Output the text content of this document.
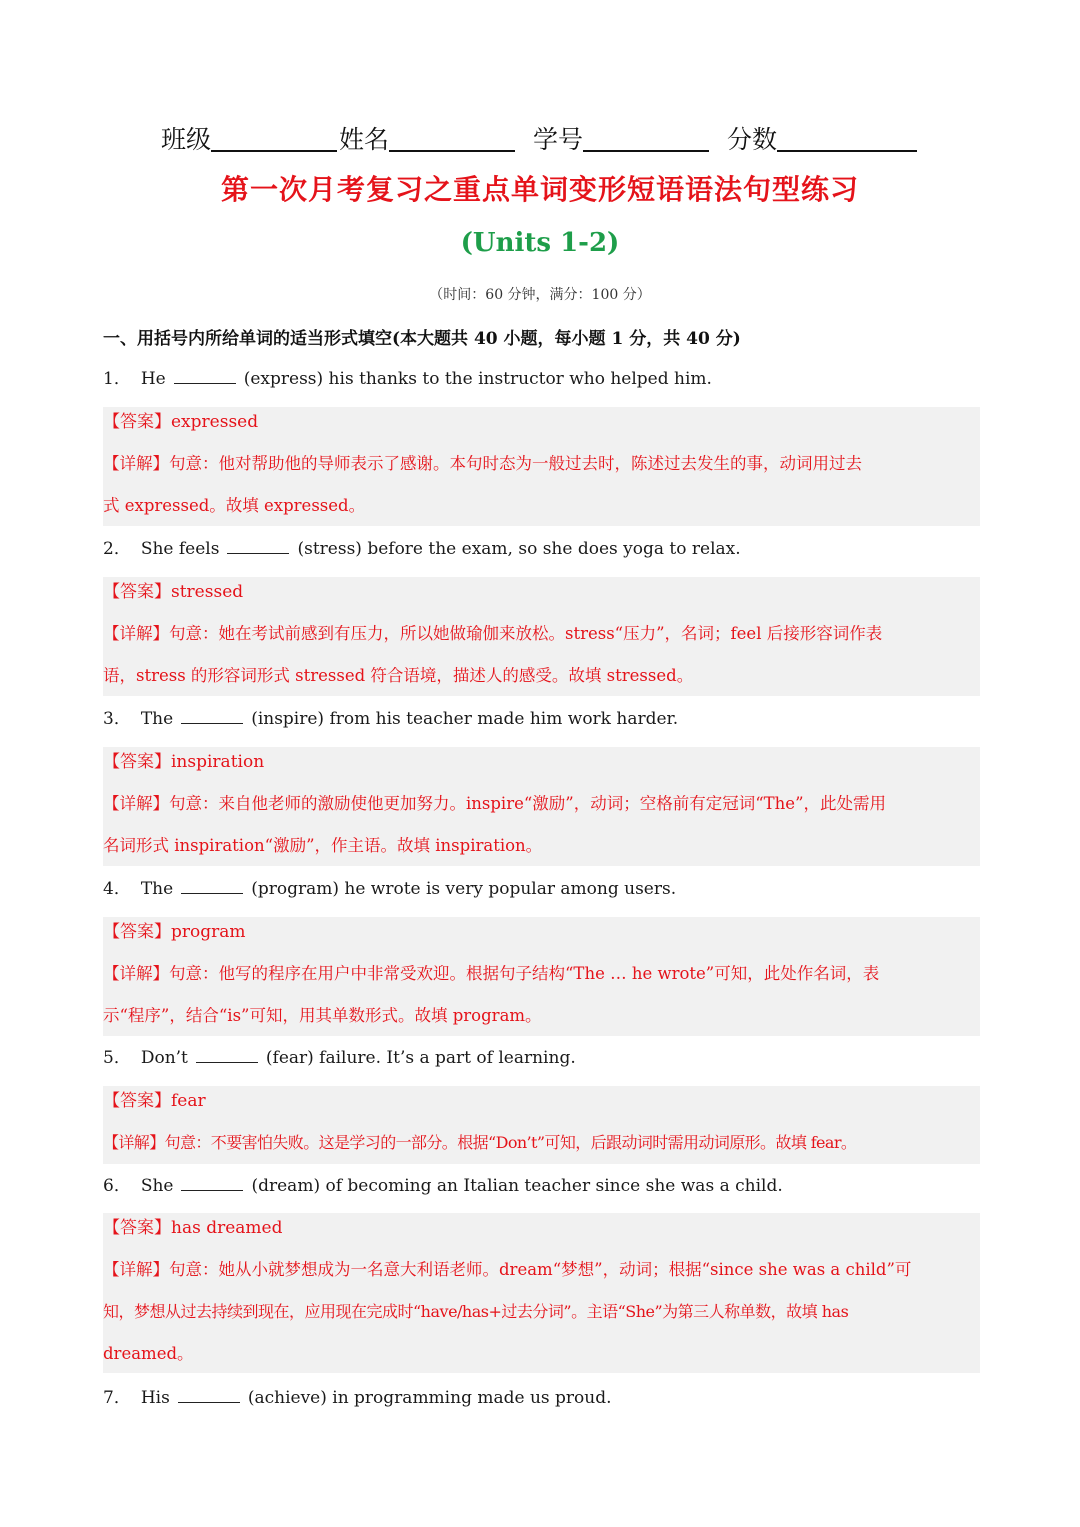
班级	姓名	学号	分数
第一次月考复习之重点单词变形短语语法句型练习
(Units 1-2)
（时间：60 分钟，满分：100 分）
一、用括号内所给单词的适当形式填空(本大题共 40 小题，每小题 1 分，共 40 分)
1． He	(express) his thanks to the instructor who helped him.
【答案】expressed
【详解】句意：他对帮助他的导师表示了感谢。本句时态为一般过去时，陈述过去发生的事，动词用过去
式 expressed。故填 expressed。
2． She feels	(stress) before the exam, so she does yoga to relax.
【答案】stressed
【详解】句意：她在考试前感到有压力，所以她做瑜伽来放松。stress“压力”，名词；feel 后接形容词作表
语，stress 的形容词形式 stressed 符合语境，描述人的感受。故填 stressed。
3． The	(inspire) from his teacher made him work harder.
【答案】inspiration
【详解】句意：来自他老师的激励使他更加努力。inspire“激励”，动词；空格前有定冠词“The”，此处需用
名词形式 inspiration“激励”，作主语。故填 inspiration。
4． The	(program) he wrote is very popular among users.
【答案】program
【详解】句意：他写的程序在用户中非常受欢迎。根据句子结构“The … he wrote”可知，此处作名词，表
示“程序”，结合“is”可知，用其单数形式。故填 program。
5． Don’t	(fear) failure. It’s a part of learning.
【答案】fear
【详解】句意：不要害怕失败。这是学习的一部分。根据“Don’t”可知，后跟动词时需用动词原形。故填 fear。
6． She	(dream) of becoming an Italian teacher since she was a child.
【答案】has dreamed
【详解】句意：她从小就梦想成为一名意大利语老师。dream“梦想”，动词；根据“since she was a child”可
知，梦想从过去持续到现在，应用现在完成时“have/has+过去分词”。主语“She”为第三人称单数，故填 has
dreamed。
7． His	(achieve) in programming made us proud.
